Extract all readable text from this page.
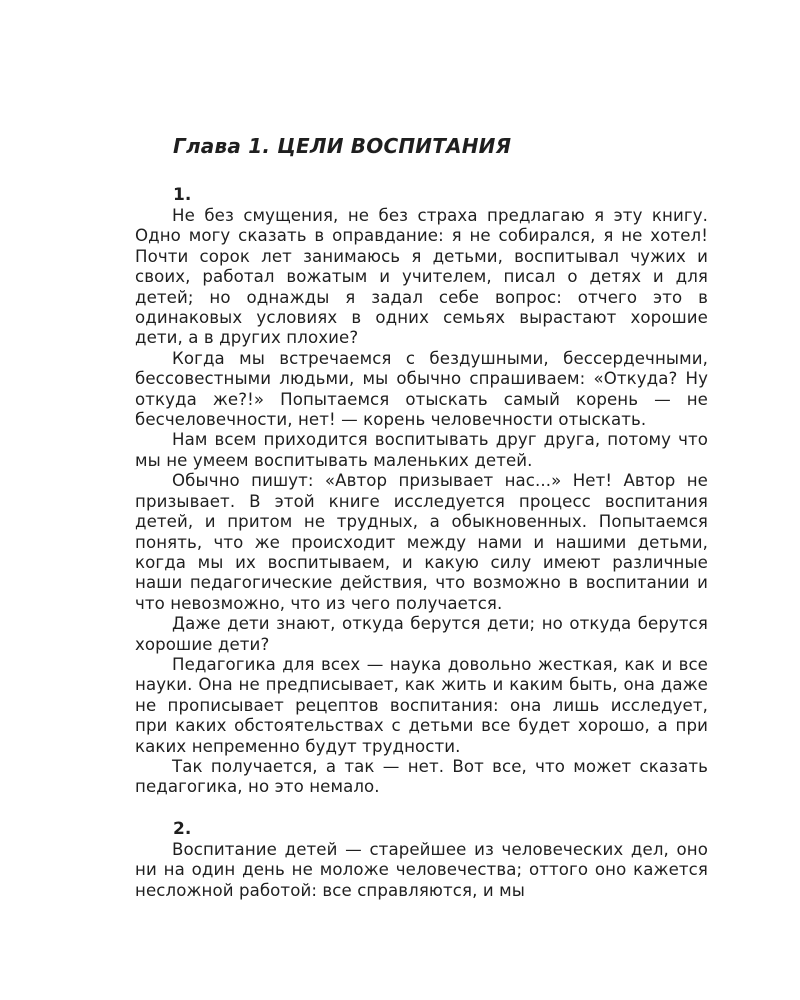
Глава 1. ЦЕЛИ ВОСПИТАНИЯ

1.

Не без смущения, не без страха предлагаю я эту книгу. Одно могу сказать в оправдание: я не собирался, я не хотел! Почти сорок лет занимаюсь я детьми, воспитывал чужих и своих, работал вожатым и учителем, писал о детях и для детей; но однажды я задал себе вопрос: отчего это в одинаковых условиях в одних семьях вырастают хорошие дети, а в других плохие?

Когда мы встречаемся с бездушными, бессердечными, бессовестными людьми, мы обычно спрашиваем: «Откуда? Ну откуда же?!» Попытаемся отыскать самый корень — не бесчеловечности, нет! — корень человечности отыскать.

Нам всем приходится воспитывать друг друга, потому что мы не умеем воспитывать маленьких детей.

Обычно пишут: «Автор призывает нас...» Нет! Автор не призывает. В этой книге исследуется процесс воспитания детей, и притом не трудных, а обыкновенных. Попытаемся понять, что же происходит между нами и нашими детьми, когда мы их воспитываем, и какую силу имеют различные наши педагогические действия, что возможно в воспитании и что невозможно, что из чего получается.

Даже дети знают, откуда берутся дети; но откуда берутся хорошие дети?

Педагогика для всех — наука довольно жесткая, как и все науки. Она не предписывает, как жить и каким быть, она даже не прописывает рецептов воспитания: она лишь исследует, при каких обстоятельствах с детьми все будет хорошо, а при каких непременно будут трудности.

Так получается, а так — нет. Вот все, что может сказать педагогика, но это немало.

2.

Воспитание детей — старейшее из человеческих дел, оно ни на один день не моложе человечества; оттого оно кажется несложной работой: все справляются, и мы
